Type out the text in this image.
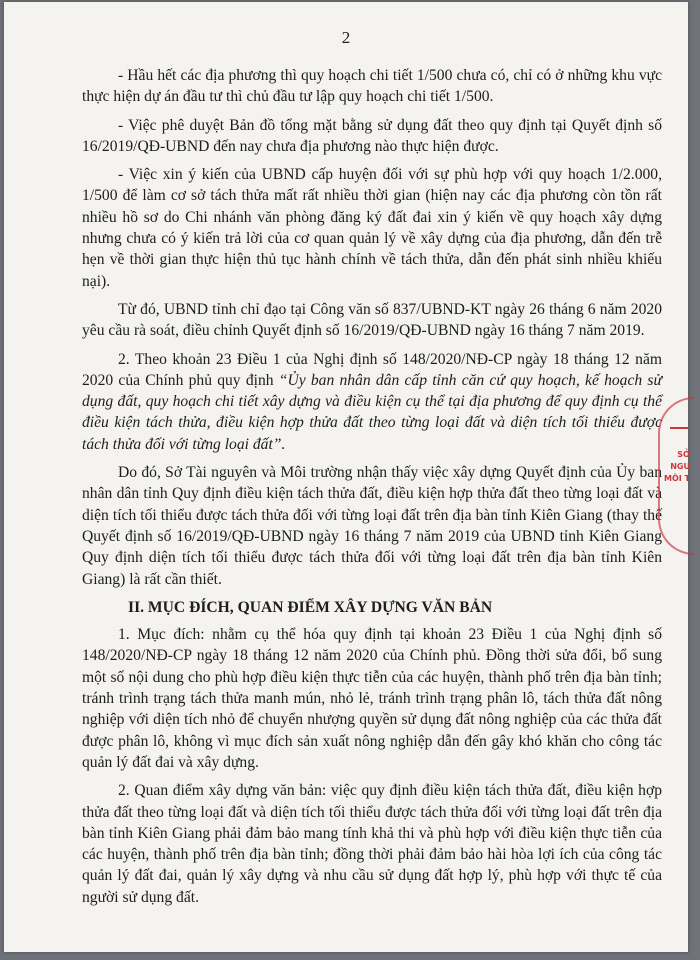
2

- Hầu hết các địa phương thì quy hoạch chi tiết 1/500 chưa có, chỉ có ở những khu vực thực hiện dự án đầu tư thì chủ đầu tư lập quy hoạch chi tiết 1/500.

- Việc phê duyệt Bản đồ tổng mặt bằng sử dụng đất theo quy định tại Quyết định số 16/2019/QĐ-UBND đến nay chưa địa phương nào thực hiện được.

- Việc xin ý kiến của UBND cấp huyện đối với sự phù hợp với quy hoạch 1/2.000, 1/500 để làm cơ sở tách thửa mất rất nhiều thời gian (hiện nay các địa phương còn tồn rất nhiều hồ sơ do Chi nhánh văn phòng đăng ký đất đai xin ý kiến về quy hoạch xây dựng nhưng chưa có ý kiến trả lời của cơ quan quản lý về xây dựng của địa phương, dẫn đến trễ hẹn về thời gian thực hiện thủ tục hành chính về tách thửa, dẫn đến phát sinh nhiều khiếu nại).

Từ đó, UBND tỉnh chỉ đạo tại Công văn số 837/UBND-KT ngày 26 tháng 6 năm 2020 yêu cầu rà soát, điều chỉnh Quyết định số 16/2019/QĐ-UBND ngày 16 tháng 7 năm 2019.

2. Theo khoản 23 Điều 1 của Nghị định số 148/2020/NĐ-CP ngày 18 tháng 12 năm 2020 của Chính phủ quy định “Ủy ban nhân dân cấp tỉnh căn cứ quy hoạch, kế hoạch sử dụng đất, quy hoạch chi tiết xây dựng và điều kiện cụ thể tại địa phương để quy định cụ thể điều kiện tách thửa, điều kiện hợp thửa đất theo từng loại đất và diện tích tối thiểu được tách thửa đối với từng loại đất”.

Do đó, Sở Tài nguyên và Môi trường nhận thấy việc xây dựng Quyết định của Ủy ban nhân dân tỉnh Quy định điều kiện tách thửa đất, điều kiện hợp thửa đất theo từng loại đất và diện tích tối thiểu được tách thửa đối với từng loại đất trên địa bàn tỉnh Kiên Giang (thay thế Quyết định số 16/2019/QĐ-UBND ngày 16 tháng 7 năm 2019 của UBND tỉnh Kiên Giang Quy định diện tích tối thiểu được tách thửa đối với từng loại đất trên địa bàn tỉnh Kiên Giang) là rất cần thiết.

II. MỤC ĐÍCH, QUAN ĐIỂM XÂY DỰNG VĂN BẢN

1. Mục đích: nhằm cụ thể hóa quy định tại khoản 23 Điều 1 của Nghị định số 148/2020/NĐ-CP ngày 18 tháng 12 năm 2020 của Chính phủ. Đồng thời sửa đổi, bổ sung một số nội dung cho phù hợp điều kiện thực tiễn của các huyện, thành phố trên địa bàn tỉnh; tránh trình trạng tách thửa manh mún, nhỏ lẻ, tránh trình trạng phân lô, tách thửa đất nông nghiệp với diện tích nhỏ để chuyển nhượng quyền sử dụng đất nông nghiệp của các thửa đất được phân lô, không vì mục đích sản xuất nông nghiệp dẫn đến gây khó khăn cho công tác quản lý đất đai và xây dựng.

2. Quan điểm xây dựng văn bản: việc quy định điều kiện tách thửa đất, điều kiện hợp thửa đất theo từng loại đất và diện tích tối thiểu được tách thửa đối với từng loại đất trên địa bàn tỉnh Kiên Giang phải đảm bảo mang tính khả thi và phù hợp với điều kiện thực tiễn của các huyện, thành phố trên địa bàn tỉnh; đồng thời phải đảm bảo hài hòa lợi ích của công tác quản lý đất đai, quản lý xây dựng và nhu cầu sử dụng đất hợp lý, phù hợp với thực tế của người sử dụng đất.

SỞ
NGU
MÔI T
